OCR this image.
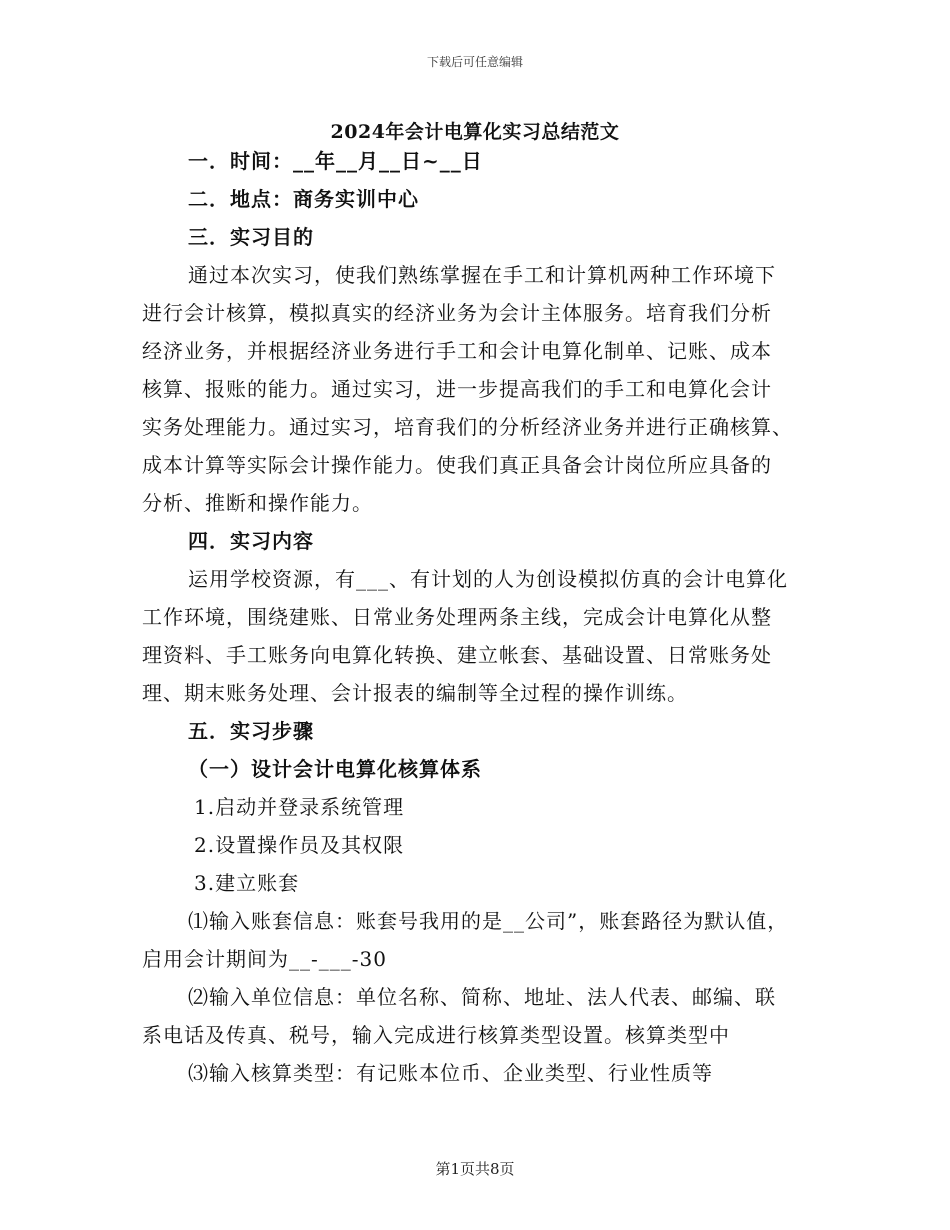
下载后可任意编辑
2024年会计电算化实习总结范文
一．时间：__年__月__日~__日
二．地点：商务实训中心
三．实习目的
通过本次实习，使我们熟练掌握在手工和计算机两种工作环境下
进行会计核算，模拟真实的经济业务为会计主体服务。培育我们分析
经济业务，并根据经济业务进行手工和会计电算化制单、记账、成本
核算、报账的能力。通过实习，进一步提高我们的手工和电算化会计
实务处理能力。通过实习，培育我们的分析经济业务并进行正确核算、
成本计算等实际会计操作能力。使我们真正具备会计岗位所应具备的
分析、推断和操作能力。
四．实习内容
运用学校资源，有___、有计划的人为创设模拟仿真的会计电算化
工作环境，围绕建账、日常业务处理两条主线，完成会计电算化从整
理资料、手工账务向电算化转换、建立帐套、基础设置、日常账务处
理、期末账务处理、会计报表的编制等全过程的操作训练。
五．实习步骤
（一）设计会计电算化核算体系
1.启动并登录系统管理
2.设置操作员及其权限
3.建立账套
⑴输入账套信息：账套号我用的是__公司”，账套路径为默认值，
启用会计期间为__-___-30
⑵输入单位信息：单位名称、简称、地址、法人代表、邮编、联
系电话及传真、税号，输入完成进行核算类型设置。核算类型中
⑶输入核算类型：有记账本位币、企业类型、行业性质等
第1页共8页
